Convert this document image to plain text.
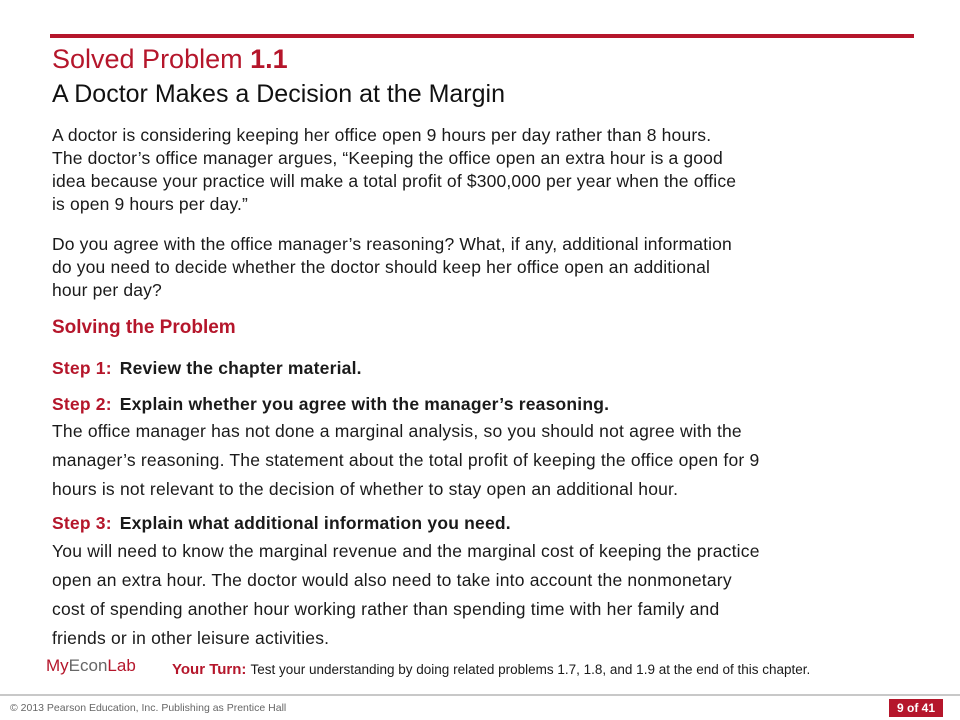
Solved Problem 1.1
A Doctor Makes a Decision at the Margin
A doctor is considering keeping her office open 9 hours per day rather than 8 hours.
The doctor’s office manager argues, “Keeping the office open an extra hour is a good
idea because your practice will make a total profit of $300,000 per year when the office
is open 9 hours per day.”
Do you agree with the office manager’s reasoning? What, if any, additional information
do you need to decide whether the doctor should keep her office open an additional
hour per day?
Solving the Problem
Step 1: Review the chapter material.
Step 2: Explain whether you agree with the manager’s reasoning.
The office manager has not done a marginal analysis, so you should not agree with the
manager’s reasoning. The statement about the total profit of keeping the office open for 9
hours is not relevant to the decision of whether to stay open an additional hour.
Step 3: Explain what additional information you need.
You will need to know the marginal revenue and the marginal cost of keeping the practice
open an extra hour. The doctor would also need to take into account the nonmonetary
cost of spending another hour working rather than spending time with her family and
friends or in other leisure activities.
MyEconLab Your Turn: Test your understanding by doing related problems 1.7, 1.8, and 1.9 at the end of this chapter.
© 2013 Pearson Education, Inc. Publishing as Prentice Hall	9 of 41
